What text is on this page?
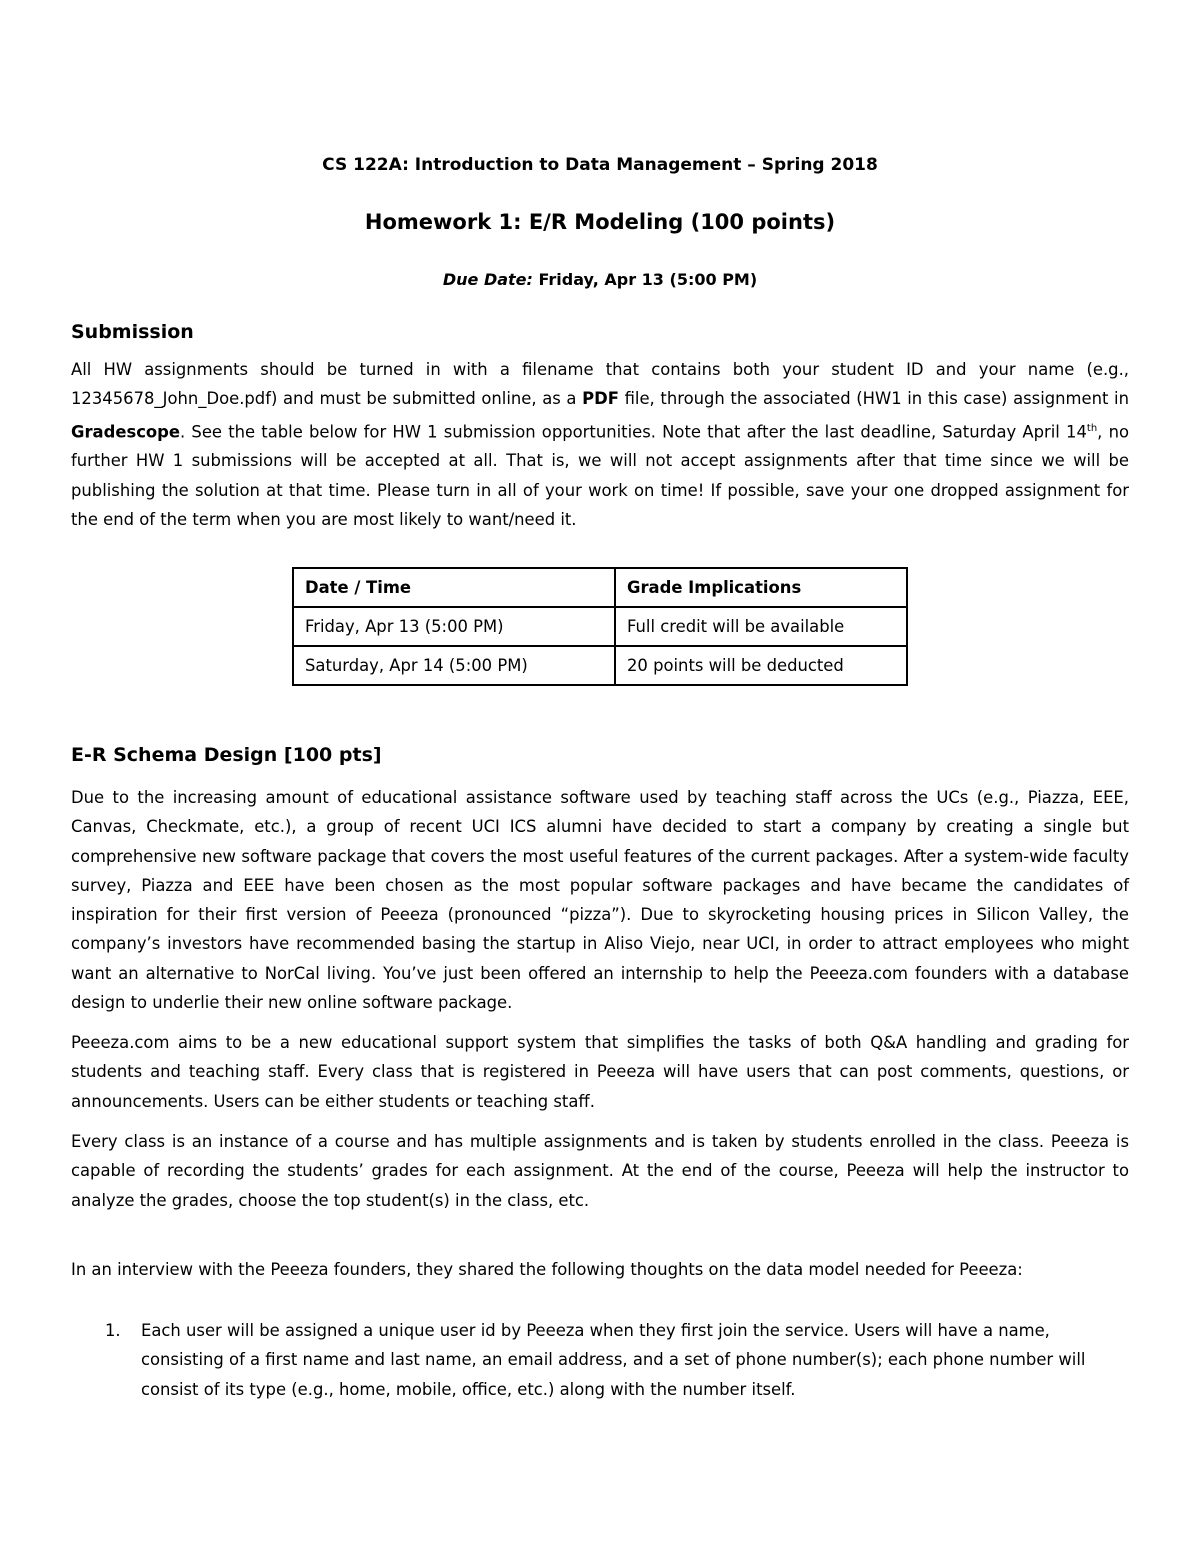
CS 122A: Introduction to Data Management – Spring 2018
Homework 1: E/R Modeling (100 points)
Due Date: Friday, Apr 13 (5:00 PM)
Submission

All HW assignments should be turned in with a filename that contains both your student ID and your name (e.g., 12345678_John_Doe.pdf) and must be submitted online, as a PDF file, through the associated (HW1 in this case) assignment in Gradescope. See the table below for HW 1 submission opportunities. Note that after the last deadline, Saturday April 14th, no further HW 1 submissions will be accepted at all. That is, we will not accept assignments after that time since we will be publishing the solution at that time. Please turn in all of your work on time! If possible, save your one dropped assignment for the end of the term when you are most likely to want/need it.

Date / Time	Grade Implications
Friday, Apr 13 (5:00 PM)	Full credit will be available
Saturday, Apr 14 (5:00 PM)	20 points will be deducted
E-R Schema Design [100 pts]

Due to the increasing amount of educational assistance software used by teaching staff across the UCs (e.g., Piazza, EEE, Canvas, Checkmate, etc.), a group of recent UCI ICS alumni have decided to start a company by creating a single but comprehensive new software package that covers the most useful features of the current packages. After a system-wide faculty survey, Piazza and EEE have been chosen as the most popular software packages and have became the candidates of inspiration for their first version of Peeeza (pronounced “pizza”). Due to skyrocketing housing prices in Silicon Valley, the company’s investors have recommended basing the startup in Aliso Viejo, near UCI, in order to attract employees who might want an alternative to NorCal living. You’ve just been offered an internship to help the Peeeza.com founders with a database design to underlie their new online software package.

Peeeza.com aims to be a new educational support system that simplifies the tasks of both Q&A handling and grading for students and teaching staff. Every class that is registered in Peeeza will have users that can post comments, questions, or announcements. Users can be either students or teaching staff.

Every class is an instance of a course and has multiple assignments and is taken by students enrolled in the class. Peeeza is capable of recording the students’ grades for each assignment. At the end of the course, Peeeza will help the instructor to analyze the grades, choose the top student(s) in the class, etc.

In an interview with the Peeeza founders, they shared the following thoughts on the data model needed for Peeeza:

1. Each user will be assigned a unique user id by Peeeza when they first join the service. Users will have a name, consisting of a first name and last name, an email address, and a set of phone number(s); each phone number will consist of its type (e.g., home, mobile, office, etc.) along with the number itself.
